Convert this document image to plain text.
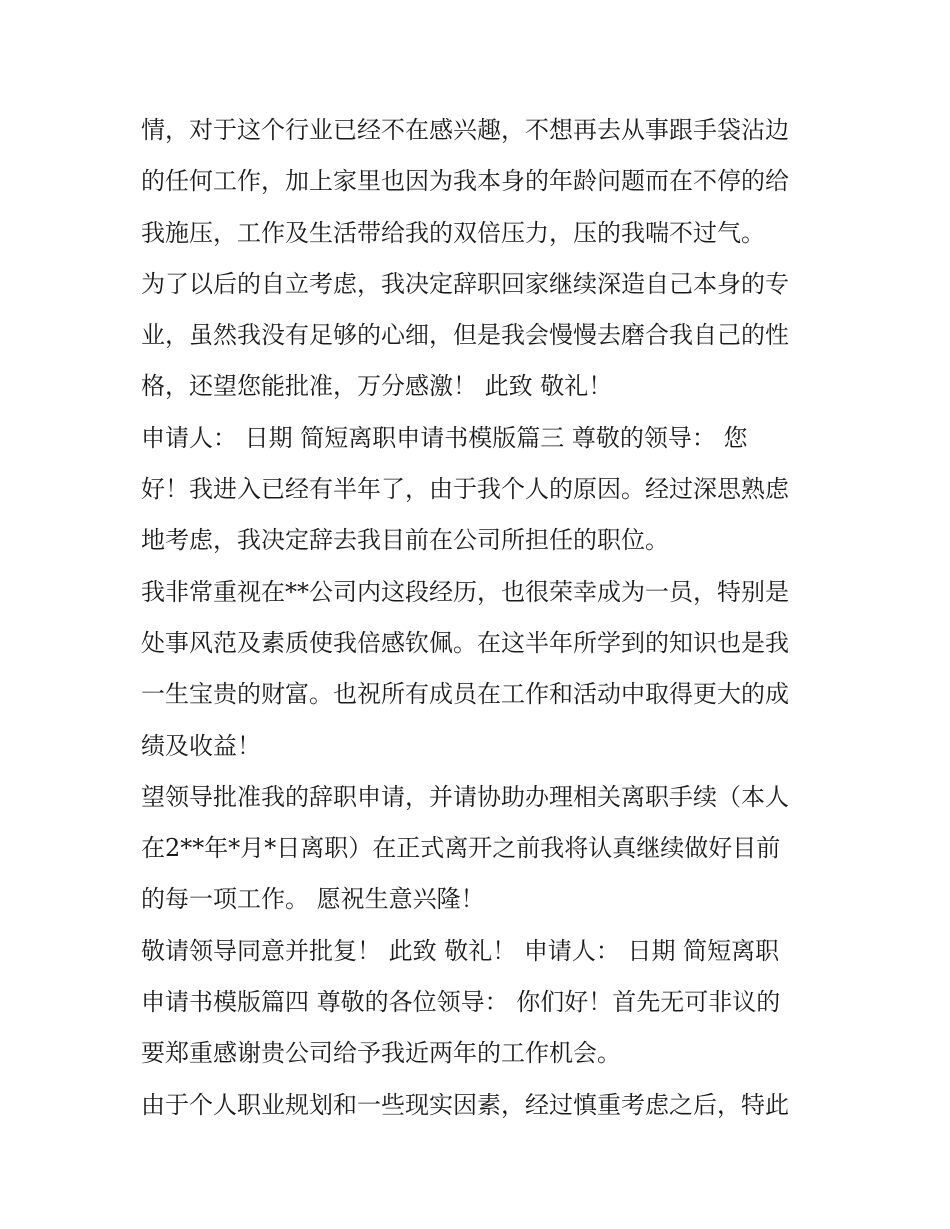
情，对于这个行业已经不在感兴趣，不想再去从事跟手袋沾边
的任何工作，加上家里也因为我本身的年龄问题而在不停的给
我施压，工作及生活带给我的双倍压力，压的我喘不过气。
为了以后的自立考虑，我决定辞职回家继续深造自己本身的专
业，虽然我没有足够的心细，但是我会慢慢去磨合我自己的性
格，还望您能批准，万分感激！ 此致 敬礼！
申请人： 日期 简短离职申请书模版篇三 尊敬的领导： 您
好！我进入已经有半年了，由于我个人的原因。经过深思熟虑
地考虑，我决定辞去我目前在公司所担任的职位。
我非常重视在**公司内这段经历，也很荣幸成为一员，特别是
处事风范及素质使我倍感钦佩。在这半年所学到的知识也是我
一生宝贵的财富。也祝所有成员在工作和活动中取得更大的成
绩及收益！
望领导批准我的辞职申请，并请协助办理相关离职手续（本人
在2**年*月*日离职）在正式离开之前我将认真继续做好目前
的每一项工作。 愿祝生意兴隆！
敬请领导同意并批复！ 此致 敬礼！ 申请人： 日期 简短离职
申请书模版篇四 尊敬的各位领导： 你们好！首先无可非议的
要郑重感谢贵公司给予我近两年的工作机会。
由于个人职业规划和一些现实因素，经过慎重考虑之后，特此
